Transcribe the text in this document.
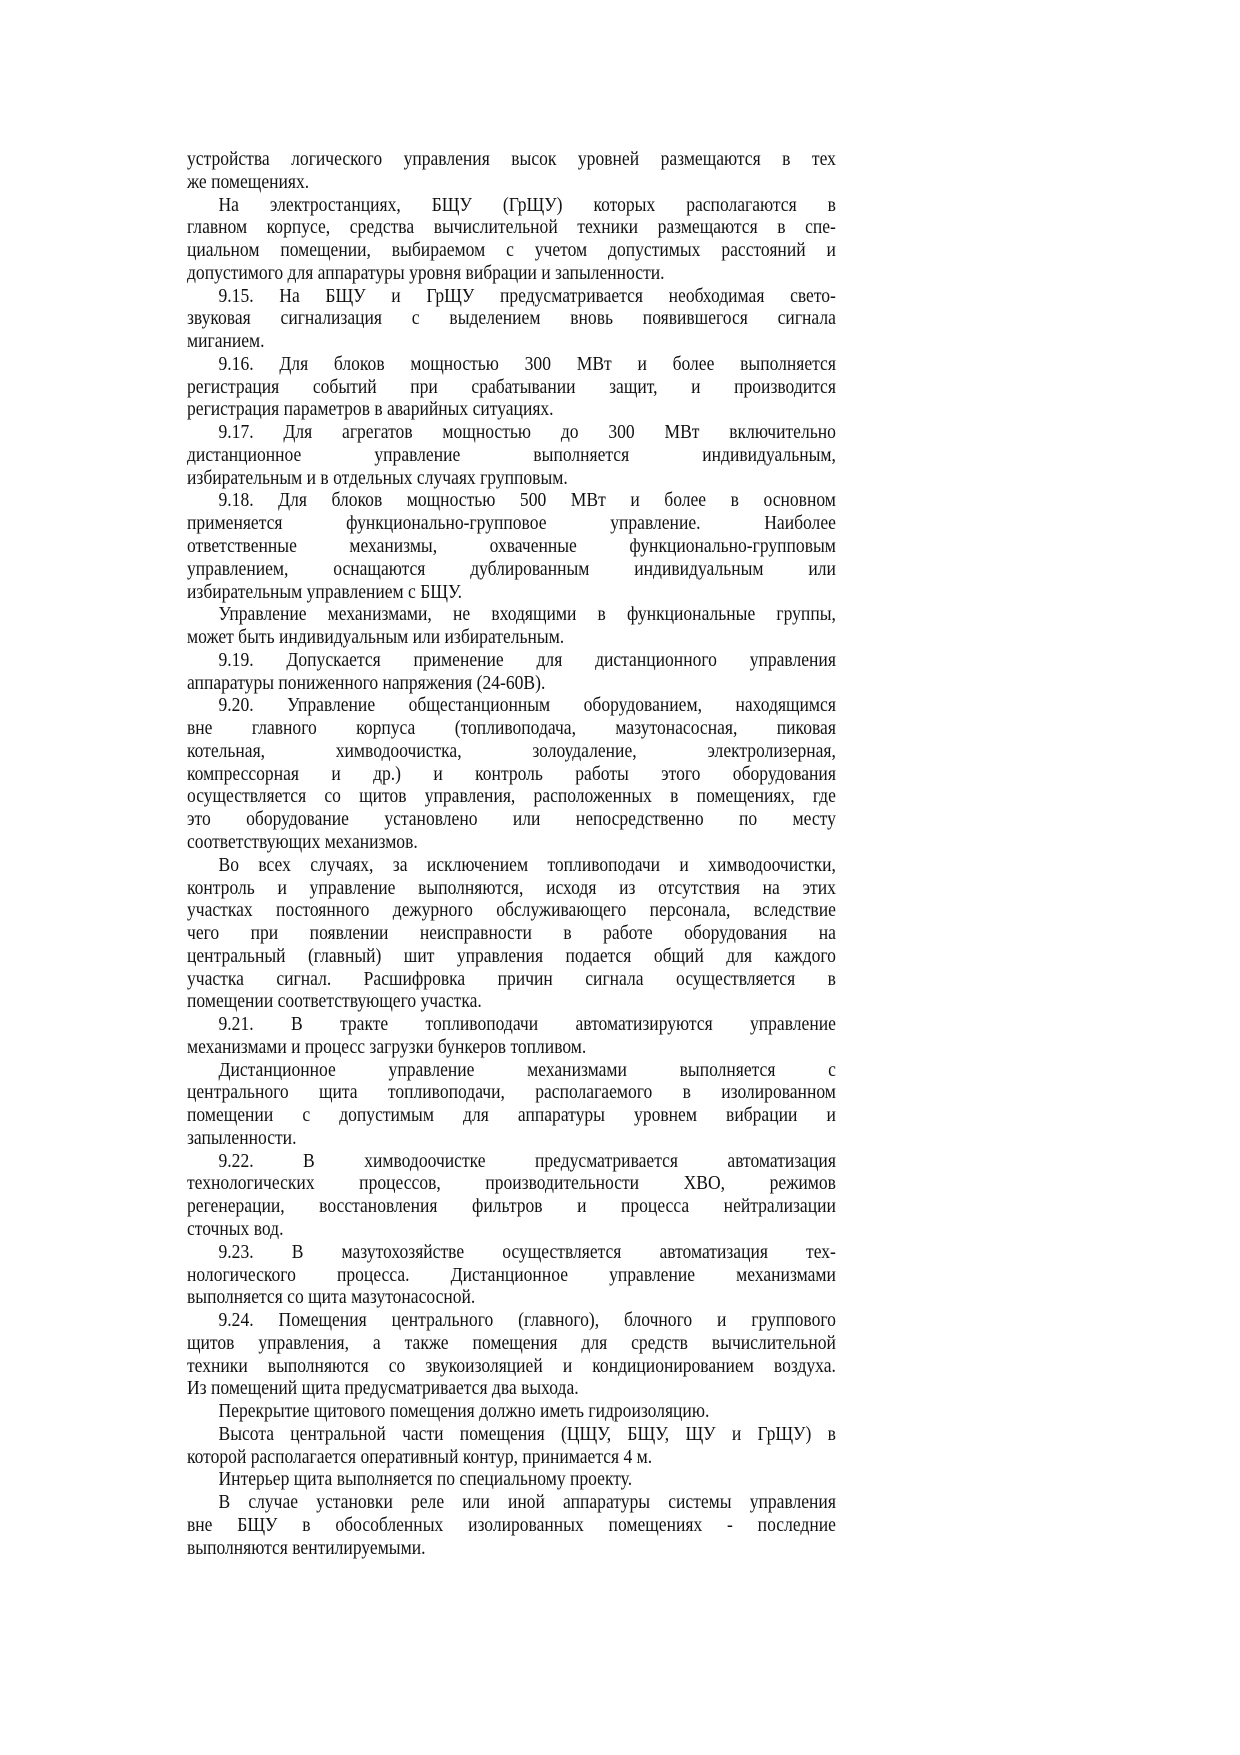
устройства логического управления высок уровней размещаются в тех
же помещениях.
На электростанциях, БЩУ (ГрЩУ) которых располагаются в
главном корпусе, средства вычислительной техники размещаются в спе-
циальном помещении, выбираемом с учетом допустимых расстояний и
допустимого для аппаратуры уровня вибрации и запыленности.
9.15. На БЩУ и ГрЩУ предусматривается необходимая свето-
звуковая сигнализация с выделением вновь появившегося сигнала
миганием.
9.16. Для блоков мощностью 300 МВт и более выполняется
регистрация событий при срабатывании защит, и производится
регистрация параметров в аварийных ситуациях.
9.17. Для агрегатов мощностью до 300 МВт включительно
дистанционное управление выполняется индивидуальным,
избирательным и в отдельных случаях групповым.
9.18. Для блоков мощностью 500 МВт и более в основном
применяется функционально-групповое управление. Наиболее
ответственные механизмы, охваченные функционально-групповым
управлением, оснащаются дублированным индивидуальным или
избирательным управлением с БЩУ.
Управление механизмами, не входящими в функциональные группы,
может быть индивидуальным или избирательным.
9.19. Допускается применение для дистанционного управления
аппаратуры пониженного напряжения (24-60В).
9.20. Управление общестанционным оборудованием, находящимся
вне главного корпуса (топливоподача, мазутонасосная, пиковая
котельная, химводоочистка, золоудаление, электролизерная,
компрессорная и др.) и контроль работы этого оборудования
осуществляется со щитов управления, расположенных в помещениях, где
это оборудование установлено или непосредственно по месту
соответствующих механизмов.
Во всех случаях, за исключением топливоподачи и химводоочистки,
контроль и управление выполняются, исходя из отсутствия на этих
участках постоянного дежурного обслуживающего персонала, вследствие
чего при появлении неисправности в работе оборудования на
центральный (главный) шит управления подается общий для каждого
участка сигнал. Расшифровка причин сигнала осуществляется в
помещении соответствующего участка.
9.21. В тракте топливоподачи автоматизируются управление
механизмами и процесс загрузки бункеров топливом.
Дистанционное управление механизмами выполняется с
центрального щита топливоподачи, располагаемого в изолированном
помещении с допустимым для аппаратуры уровнем вибрации и
запыленности.
9.22. В химводоочистке предусматривается автоматизация
технологических процессов, производительности ХВО, режимов
регенерации, восстановления фильтров и процесса нейтрализации
сточных вод.
9.23. В мазутохозяйстве осуществляется автоматизация тех-
нологического процесса. Дистанционное управление механизмами
выполняется со щита мазутонасосной.
9.24. Помещения центрального (главного), блочного и группового
щитов управления, а также помещения для средств вычислительной
техники выполняются со звукоизоляцией и кондиционированием воздуха.
Из помещений щита предусматривается два выхода.
Перекрытие щитового помещения должно иметь гидроизоляцию.
Высота центральной части помещения (ЦЩУ, БЩУ, ЩУ и ГрЩУ) в
которой располагается оперативный контур, принимается 4 м.
Интерьер щита выполняется по специальному проекту.
В случае установки реле или иной аппаратуры системы управления
вне БЩУ в обособленных изолированных помещениях - последние
выполняются вентилируемыми.
